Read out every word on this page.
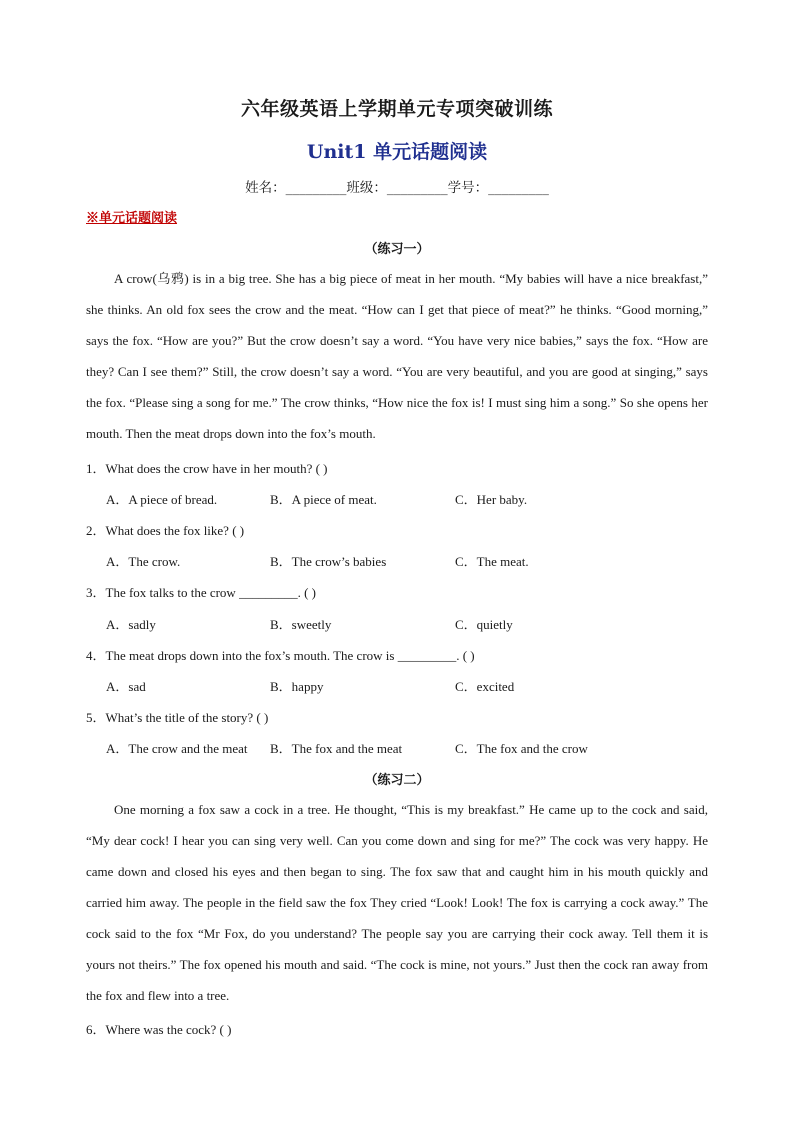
六年级英语上学期单元专项突破训练
Unit1 单元话题阅读
姓名：_________班级：_________学号：_________
※单元话题阅读
（练习一）

A crow(乌鸦) is in a big tree. She has a big piece of meat in her mouth. “My babies will have a nice breakfast,” she thinks. An old fox sees the crow and the meat. “How can I get that piece of meat?” he thinks. “Good morning,” says the fox. “How are you?” But the crow doesn’t say a word. “You have very nice babies,” says the fox. “How are they? Can I see them?” Still, the crow doesn’t say a word. “You are very beautiful, and you are good at singing,” says the fox. “Please sing a song for me.” The crow thinks, “How nice the fox is! I must sing him a song.” So she opens her mouth. Then the meat drops down into the fox’s mouth.

1．What does the crow have in her mouth? ( )
A．A piece of bread.	B．A piece of meat.	C．Her baby.
2．What does the fox like? ( )
A．The crow.	B．The crow’s babies	C．The meat.
3．The fox talks to the crow _________. ( )
A．sadly	B．sweetly	C．quietly
4．The meat drops down into the fox’s mouth. The crow is _________. ( )
A．sad	B．happy	C．excited
5．What’s the title of the story? ( )
A．The crow and the meat B．The fox and the meat	C．The fox and the crow
（练习二）

One morning a fox saw a cock in a tree. He thought, “This is my breakfast.” He came up to the cock and said, “My dear cock! I hear you can sing very well. Can you come down and sing for me?” The cock was very happy. He came down and closed his eyes and then began to sing. The fox saw that and caught him in his mouth quickly and carried him away. The people in the field saw the fox They cried “Look! Look! The fox is carrying a cock away.” The cock said to the fox “Mr Fox, do you understand? The people say you are carrying their cock away. Tell them it is yours not theirs.” The fox opened his mouth and said. “The cock is mine, not yours.” Just then the cock ran away from the fox and flew into a tree.

6．Where was the cock? ( )
